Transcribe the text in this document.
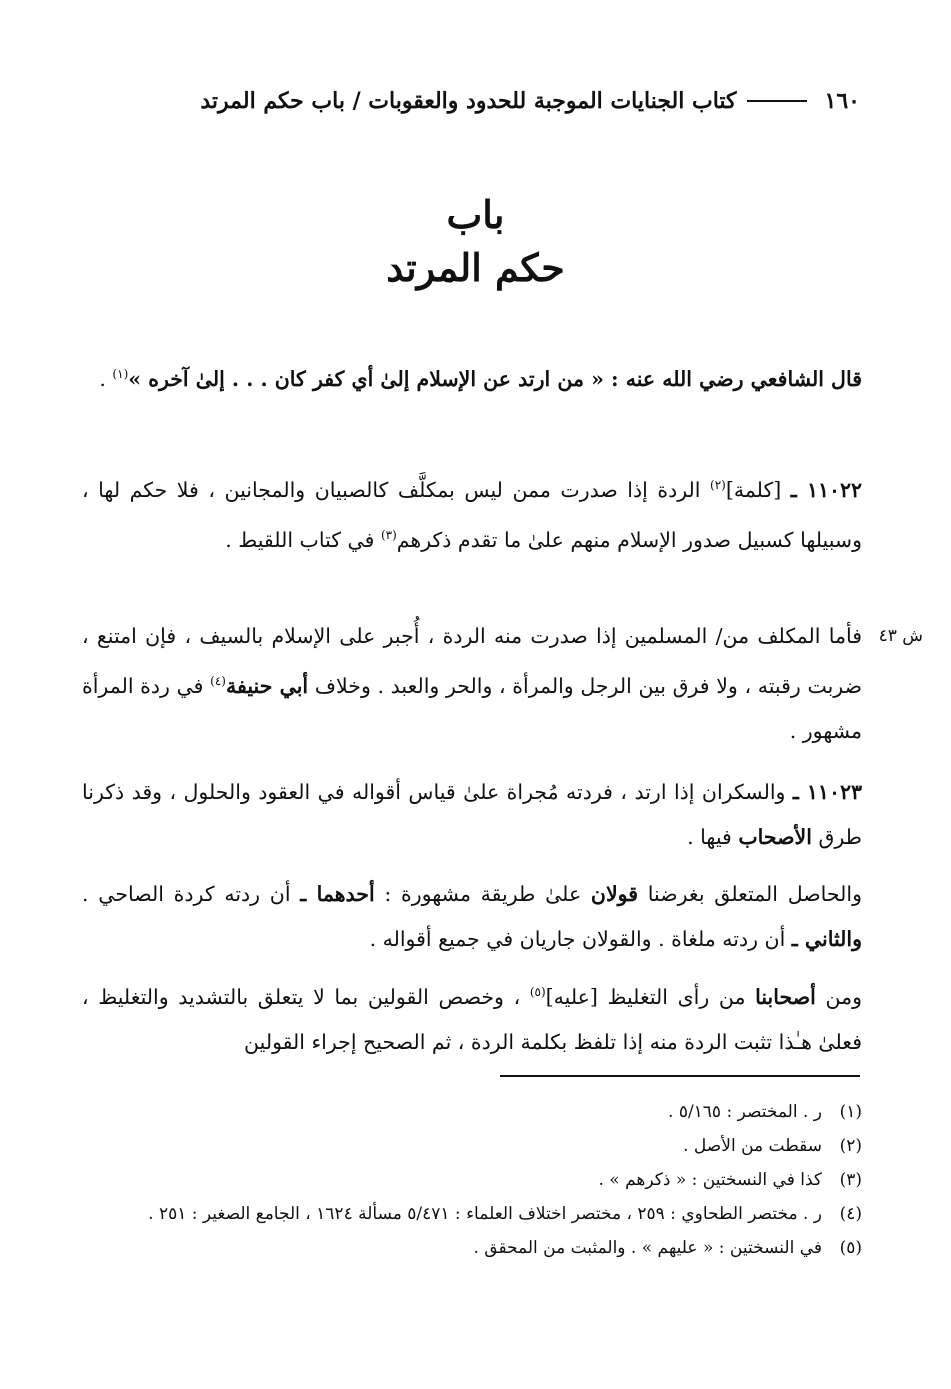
١٦٠
كتاب الجنايات الموجبة للحدود والعقوبات / باب حكم المرتد
باب
حكم المرتد
ش ٤٣
قال الشافعي رضي الله عنه : « من ارتد عن الإسلام إلىٰ أي كفر كان . . . إلىٰ آخره »$^{(١)}$ .
١١٠٢٢ ـ [كلمة]$^{(٢)}$ الردة إذا صدرت ممن ليس بمكلَّف كالصبيان والمجانين ، فلا حكم لها ، وسبيلها كسبيل صدور الإسلام منهم علىٰ ما تقدم ذكرهم$^{(٣)}$ في كتاب اللقيط .
فأما المكلف من/ المسلمين إذا صدرت منه الردة ، أُجبر على الإسلام بالسيف ، فإن امتنع ، ضربت رقبته ، ولا فرق بين الرجل والمرأة ، والحر والعبد . وخلاف أبي حنيفة$^{(٤)}$ في ردة المرأة مشهور .
١١٠٢٣ ـ والسكران إذا ارتد ، فردته مُجراة علىٰ قياس أقواله في العقود والحلول ، وقد ذكرنا طرق الأصحاب فيها .
والحاصل المتعلق بغرضنا قولان علىٰ طريقة مشهورة : أحدهما ـ أن ردته كردة الصاحي . والثاني ـ أن ردته ملغاة . والقولان جاريان في جميع أقواله .
ومن أصحابنا من رأى التغليظ [عليه]$^{(٥)}$ ، وخصص القولين بما لا يتعلق بالتشديد والتغليظ ، فعلىٰ هـٰذا تثبت الردة منه إذا تلفظ بكلمة الردة ، ثم الصحيح إجراء القولين
(١)
ر . المختصر : ٥/١٦٥ .
(٢)
سقطت من الأصل .
(٣)
كذا في النسختين : « ذكرهم » .
(٤)
ر . مختصر الطحاوي : ٢٥٩ ، مختصر اختلاف العلماء : ٥/٤٧١ مسألة ١٦٢٤ ، الجامع الصغير : ٢٥١ .
(٥)
في النسختين : « عليهم » . والمثبت من المحقق .
